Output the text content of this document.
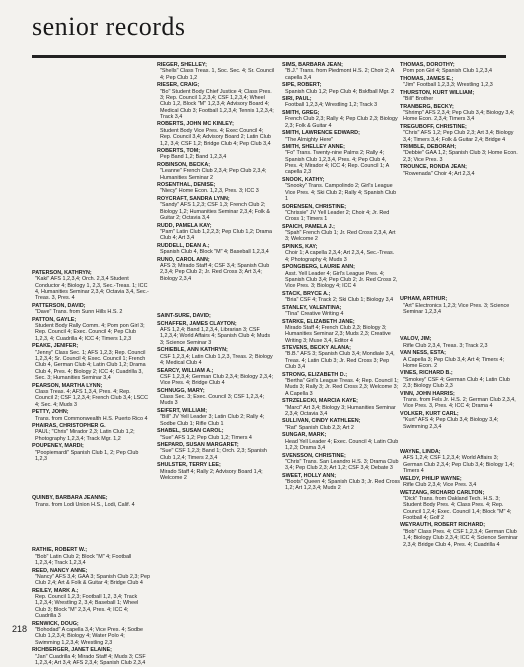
senior records
PATERSON, KATHRYN;
"Kaki" AFS 1,2,3,4; Orch. 2,3,4 Student Conductor 4; Biology 1, 2,3, Sec.-Treas. 1; ICC 4, Humanities Seminar 2,3,4; Octavia 3,4, Sec.-Treas. 3, Pres. 4
PATTERSON, DAVID;
"Dave" Trans. from Sunn Hills H.S. 2
PATTON, GAYLE;
Student Body Rally Comm. 4; Pom pon Girl 3; Rep. Council 4; Exec. Council 4; Pep Club 1,2,3, 4; Cuadrilla 4; ICC 4; Timers 1,2,3
PEAKE, JENIFER;
"Jenny" Class Sec. 1; AFS 1,2,3; Rep. Council 1,2,3,4; Sr. Council 4; Exec. Council 1; French Club 4, German Club 4; Latin Club 1,2; Drama Club 4, Pres. 4; Biology 2; ICC 4; Cuadrilla 3, Sec. 3; Humanities Seminar 3,4
PEARSON, MARTHA LYNN;
Class Treas. 4; AFS 1,3,4, Pres. 4; Rep. Council 2; CSF 1,2,3,4; French Club 3,4; LSCC 4; Sec. 4; Muds 3
PETTY, JOHN;
Trans. from Commonwealth H.S. Puerto Rico 4
PHAIRAS, CHRISTOPHER G.
PAUL; "Chris" Mirador 2,3; Latin Club 1,2; Photography 1,2,3,4; Track Mgr. 1,2
POUPENEY, MARDI;
"Poopiemardi" Spanish Club 1, 2; Pep Club 1,2,3
QUINBY, BARBARA JEANNE;
Trans. from Lodi Union H.S., Lodi, Calif. 4
RATHIE, ROBERT W.;
"Bob" Latin Club 2; Block "M" 4; Football 1,2,3,4; Track 1,2,3,4
REED, NANCY ANNE;
"Nancy" AFS 3,4; GAA 3; Spanish Club 2,3; Pep Club 2,4; Art & Folk & Guitar 4; Bridge Club 4
REILEY, MARK A.;
Rep. Council 1,2,3; Football 1,2, 3,4; Track 1,2,3,4; Wrestling 2, 3,4; Baseball 1; Wheel Club 3; Block "M" 2,3,4, Pres. 4; ICC 4; Cuadrilla 3
RENWICK, DOUG;
"Bohodad" A capella 3,4; Vice Pres. 4; Sodbe Club 1,2,3,4; Biology 4; Water Polo 4; Swimming 1,2,3,4; Wrestling 2,3
RICHBERGER, JANET ELAINE;
"Jan" Cuadrilla 4; Mirado Staff 4; Muds 3; CSF 1,2,3,4; Art 3,4; AFS 2,3,4; Spanish Club 2,3,4
RIEGER, SHELLEY;
"Shells" Class Treas. 1, Soc. Sec. 4; Sr. Council 4; Pep Club 1,2
RIESER, CRAIG;
"Bo" Student Body Chief Justice 4; Class Pres. 3; Rep. Council 1,2,3,4; CSF 1,2,3,4; Wheel Club 1,2, Block "M" 1,2,3,4; Advisory Board 4; Medical Club 3; Football 1,2,3,4; Tennis 1,2,3,4; Track 3,4
ROBERTS, JOHN MC KINLEY;
Student Body Vice Pres. 4; Exec Council 4; Rep. Council 3,4; Advisory Board 2; Latin Club 1,2, 3,4; CSF 1,2; Bridge Club 4; Pep Club 3,4
ROBERTS, TOM;
Pep Band 1,2; Band 1,2,3,4
ROBINSON, BECKA;
"Leanne" French Club 2,3,4; Pep Club 2,3,4; Humanities Seminar 2
ROSENTHAL, DENISE;
"Niecy" Home Econ. 1,2,3, Pres. 3; ICC 3
ROYCRAFT, SANDRA LYNN;
"Sandy" AFS 1,2,3; CSF 1,3; French Club 2; Biology 1,2; Humanities Seminar 2,3,4; Folk & Guitar 2; Octavia 3,4
RUDD, PAMELA KAY;
"Pam" Latin Club 1,2,2,3; Pep Club 1,2; Drama Club 4; Art 3,4
RUDDELL, DEAN A.;
Spanish Club 4, Block "M" 4; Baseball 1,2,3,4
RUNO, CAROL ANN;
AFS 3; Mirado Staff 4; CSF 3,4; Spanish Club 2,3,4; Pep Club 2; Jr. Red Cross 3; Art 3,4; Biology 2,3,4
SAINT-SURE, DAVID;
SCHAFFER, JAMES CLAYTON;
AFS 1,2,4; Band 1,2,3,4, Librarian 3; CSF 1,2,3,4; World Affairs 4; Spanish Club 4; Muds 3; Science Seminar 3
SCHIEBLE, ANN KATHRYN;
CSF 1,2,3,4; Latin Club 1,2,3, Treas. 2; Biology 4; Medical Club 4
SEARCY, WILLIAM A.;
CSF 1,2,3,4; German Club 2,3,4; Biology 2,3,4; Vice Pres. 4; Bridge Club 4
SCHNUGG, MARY;
Class Sec. 3; Exec. Council 3; CSF 1,2,3,4; Muds 3
SEIFERT, WILLIAM;
"Bill" JV Yell Leader 3; Latin Club 2; Rally 4; Sodbe Club 1; Rifle Club 1
SHABEL, SUSAN CAROL;
"Sue" AFS 1,2; Pep Club 1,2; Timers 4
SHEPARD, SUSAN MARGARET;
"Sue" CSF 1,2,3; Band 1; Orch. 2,3; Spanish Club 1,2,4; Timers 2,3,4
SHULSTER, TERRY LEE;
Mirado Staff 4; Rally 2; Advisory Board 1,4; Welcome 2
SIMS, BARBARA JEAN;
"B.J." Trans. from Piedmont H.S. 2; Choir 2; A capella 3,4
SIPE, ROBERT;
Spanish Club 1,2; Pep Club 4; Bskfball Mgr. 2
SIRI, PAUL;
Football 1,2,3,4; Wrestling 1,2; Track 3
SMITH, GREG;
French Club 2,3; Rally 4; Pep Club 2,3; Biology 2,3; Folk & Guitar 4
SMITH, LAWRENCE EDWARD;
"The Almighty Here"
SMITH, SHELLEY ANNE;
"Fo" Trans. Twenty-nine Palms 2; Rally 4; Spanish Club 1,2,3,4, Pres. 4; Pep Club 4, Pres. 4; Mirador 4; ICC 4; Rep. Council 1; A capella 2,3
SNOOK, KATHY;
"Snooky" Trans. Campolindo 2; Girl's League Vice Pres. 4; Ski Club 2; Rally 4; Spanish Club 1
SORENSEN, CHRISTINE;
"Chrissie" JV Yell Leader 2; Choir 4; Jr. Red Cross 1; Timers 1
SPAICH, PAMELA J.;
"Spah" French Club 1; Jr. Red Cross 2,3,4, Art 3; Welcome 2
SPINKS, KAY;
Choir 1; A capella 2,3,4; Art 2,3,4, Sec.-Treas. 4; Photography 4; Muds 3
SPONGBERG, LAURIE ANN;
Asst. Yell Leader 4; Girl's League Pres. 4; Spanish Club 3,4; Pep Club 2; Jr. Red Cross 2, Vice Pres. 3; Biology 4; ICC 4
STACK, BRYCE A.;
"Bria" CSF 4; Track 2; Ski Club 1; Biology 3,4
STANLEY, VALENTINA;
"Tina" Creative Writing 4
STARKE, ELIZABETH JANE;
Mirado Staff 4; French Club 2,3; Biology 3; Humanities Seminar 2,3; Muds 2,3; Creative Writing 3; Muse 3,4, Editor 4
STEVENS, BECKY ALANA;
"B.B." AFS 3; Spanish Club 3,4; Mondiale 3,4, Treas. 4; Latin Club 3; Jr. Red Cross 3; Pep Club 3,4
STRONG, ELIZABETH D.;
"Bertha" Girl's League Treas. 4; Rep. Council 1; Muds 3; Rally 3; Jr. Red Cross 2,3; Welcome 3; A Capella 3
STRZELECKI, MARCIA KAYE;
"Marci" Art 3,4; Biology 3; Humanities Seminar 2,3,4; Octavia 3,4
SULLIVAN, CINDY KATHLEEN;
"Rat" Spanish Club 2,3; Art 2
SUNGAR, MARK;
Head Yell Leader 4; Exec. Council 4; Latin Club 1,2,3; Drama 3,4
SVENSSON, CHRISTINE;
"Chris" Trans. San Leandro H.S. 3; Drama Club 3,4; Pep Club 2,3; Art 1,2; CSF 3,4; Debate 3
SWEET, HOLLY ANN;
"Boots" Queen 4; Spanish Club 3; Jr. Red Cross 1,2; Art 1,2,3,4; Muds 2
THOMAS, DOROTHY;
Pom pon Girl 4; Spanish Club 1,2,3,4
THOMAS, JAMES E.;
"Jim" Football 1,2,3,3; Wrestling 1,2,3
THURSTON, KURT WILLIAM;
"Bill" Brother
TRANBERG, BECKY;
"Shrimp" AFS 2,3,4; Pep Club 3,4; Biology 3,4; Home Econ. 2,3,4; Timers 3,4
TREGUBOFF, CHRISTINE;
"Chris" AFS 1,2; Pep Club 2,3; Art 3,4; Biology 3,4; Timers 3,4; Folk & Guitar 2,4; Bridge 4
TRIMBLE, DEBORAH;
"Debbie" GAA 1,2; Spanish Club 3; Home Econ. 2,3; Vice Pres. 3
TROUNCE, RONDA JEAN;
"Rowenada" Choir 4; Art 2,3,4
UPHAM, ARTHUR;
"Art" Electronics 1,2,3; Vice Pres. 3; Science Seminar 1,2,3,4
VALOV, JIM;
Rifle Club 2,3,4, Treas. 3; Track 2,3
VAN NESS, ESTA;
A Capella 3; Pep Club 3,4; Art 4; Timers 4; Home Econ. 2
VINES, RICHARD B.;
"Smokey" CSF 4; German Club 4; Latin Club 2,3; Biology Club 2,3
VINN, JOHN HARRIS;
Trans. from Fels Jr. H.S. 2; German Club 2,3,4, Vice Pres. 3, Pres. 4; ICC 4; Drama 4
VOLKER, KURT CARL;
"Kurt" AFS 4; Pep Club 3,4; Biology 3,4; Swimming 2,3,4
WAYNE, LINDA;
AFS 1,2,4; CSF 1,2,3,4; World Affairs 3; German Club 2,3,4; Pep Club 3,4; Biology 1,4; Timers 4
WELDY, PHILIP WAYNE;
Rifle Club 2,3,4; Vice Pres. 3,4
WETZANG, RICHARD CARLTON;
"Dick" Trans. from Oakland Tech. H.S. 3; Student Body Pres. 4; Class Pres. 4; Rep. Council 1,2,4; Exec. Council 1,4; Block "M" 4; Football 4; Golf 2
WEYRAUTH, ROBERT RICHARD;
"Bob" Class Pres. 4; CSF 1,2,3,4; German Club 1,4; Biology Club 2,3,4; ICC 4; Science Seminar 2,3,4; Bridge Club 4, Pres. 4; Cuadrilla 4
218
